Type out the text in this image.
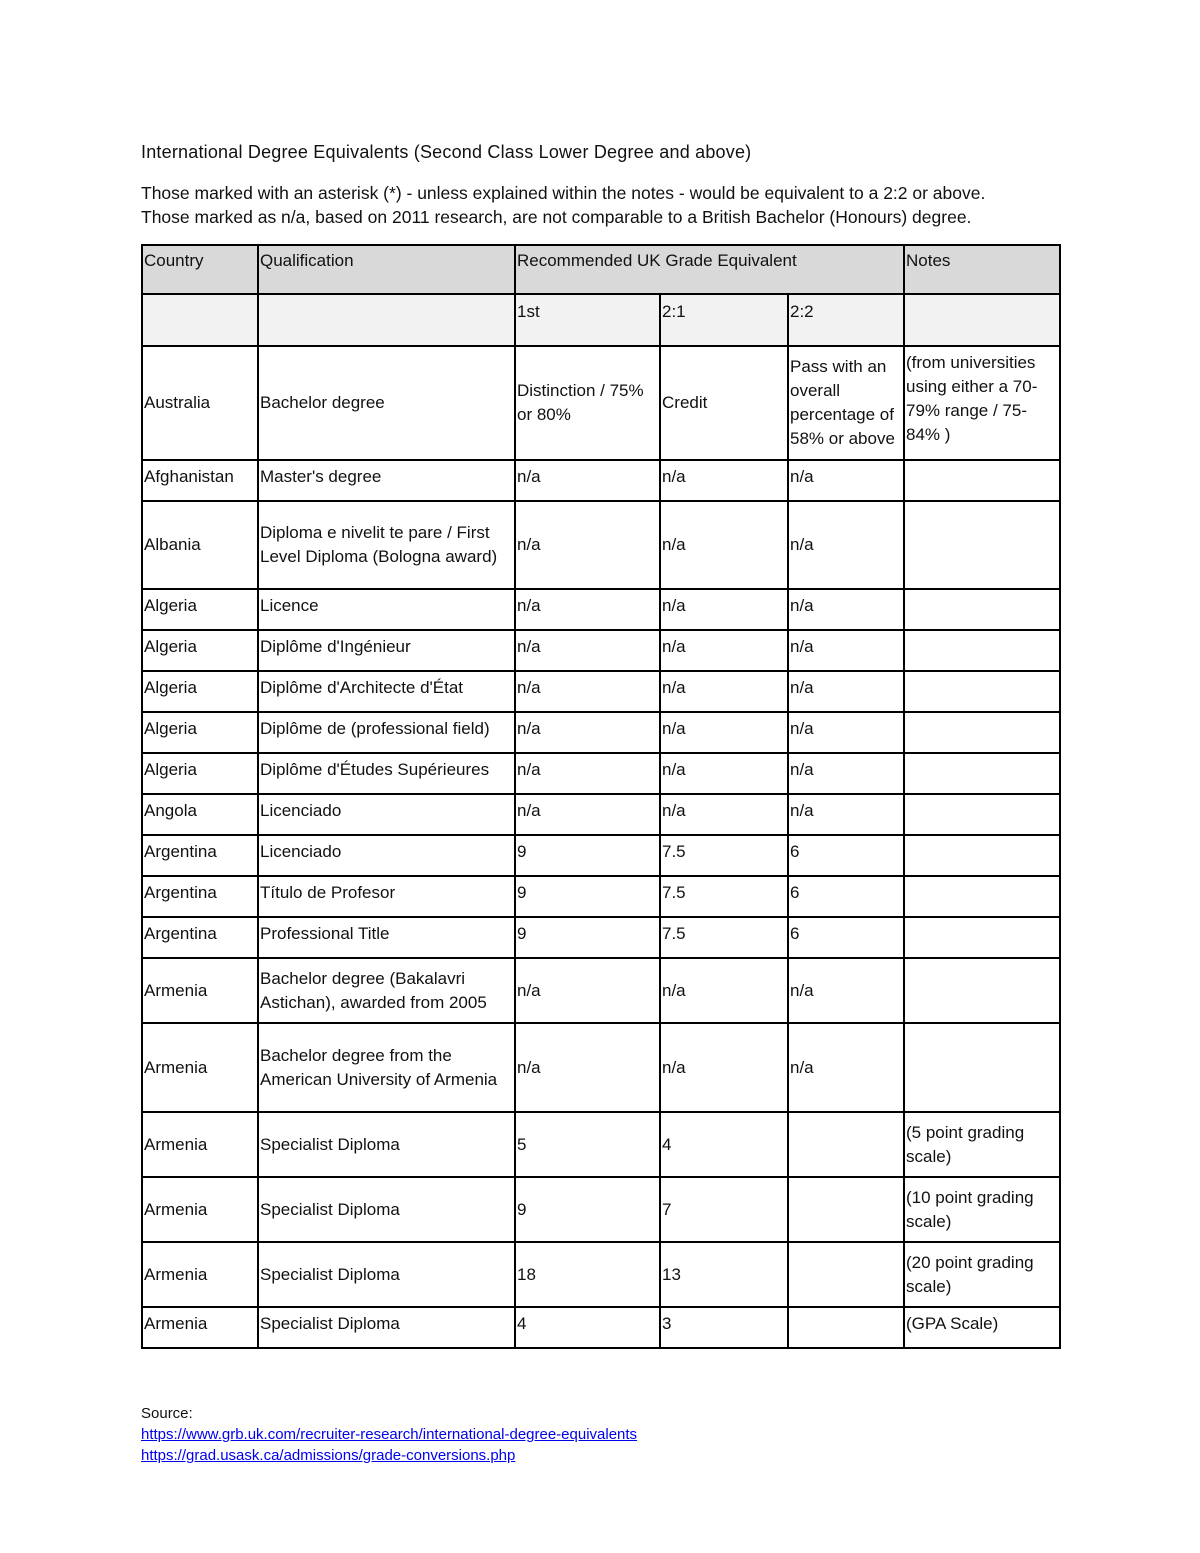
International Degree Equivalents (Second Class Lower Degree and above)

Those marked with an asterisk (*) - unless explained within the notes - would be equivalent to a 2:2 or above.

Those marked as n/a, based on 2011 research, are not comparable to a British Bachelor (Honours) degree.

Country	Qualification	Recommended UK Grade Equivalent			Notes
		1st	2:1	2:2	
Australia	Bachelor degree	Distinction / 75% or 80%	Credit	Pass with an overall percentage of 58% or above	(from universities using either a 70-79% range / 75-84% )
Afghanistan	Master's degree	n/a	n/a	n/a	
Albania	Diploma e nivelit te pare / First Level Diploma (Bologna award)	n/a	n/a	n/a	
Algeria	Licence	n/a	n/a	n/a	
Algeria	Diplôme d'Ingénieur	n/a	n/a	n/a	
Algeria	Diplôme d'Architecte d'État	n/a	n/a	n/a	
Algeria	Diplôme de (professional field)	n/a	n/a	n/a	
Algeria	Diplôme d'Études Supérieures	n/a	n/a	n/a	
Angola	Licenciado	n/a	n/a	n/a	
Argentina	Licenciado	9	7.5	6	
Argentina	Título de Profesor	9	7.5	6	
Argentina	Professional Title	9	7.5	6	
Armenia	Bachelor degree (Bakalavri Astichan), awarded from 2005	n/a	n/a	n/a	
Armenia	Bachelor degree from the American University of Armenia	n/a	n/a	n/a	
Armenia	Specialist Diploma	5	4		(5 point grading scale)
Armenia	Specialist Diploma	9	7		(10 point grading scale)
Armenia	Specialist Diploma	18	13		(20 point grading scale)
Armenia	Specialist Diploma	4	3		(GPA Scale)
Source:
https://www.grb.uk.com/recruiter-research/international-degree-equivalents
https://grad.usask.ca/admissions/grade-conversions.php
